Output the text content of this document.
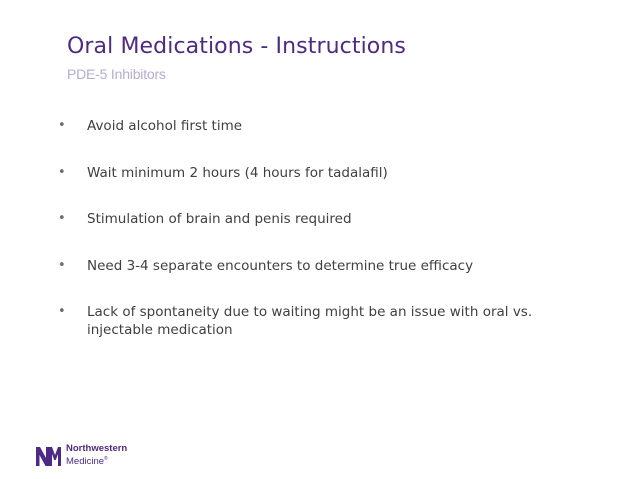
Oral Medications - Instructions
PDE-5 Inhibitors
• Avoid alcohol first time
• Wait minimum 2 hours (4 hours for tadalafil)
• Stimulation of brain and penis required
• Need 3-4 separate encounters to determine true efficacy
• Lack of spontaneity due to waiting might be an issue with oral vs. injectable medication
Northwestern
Medicine®
